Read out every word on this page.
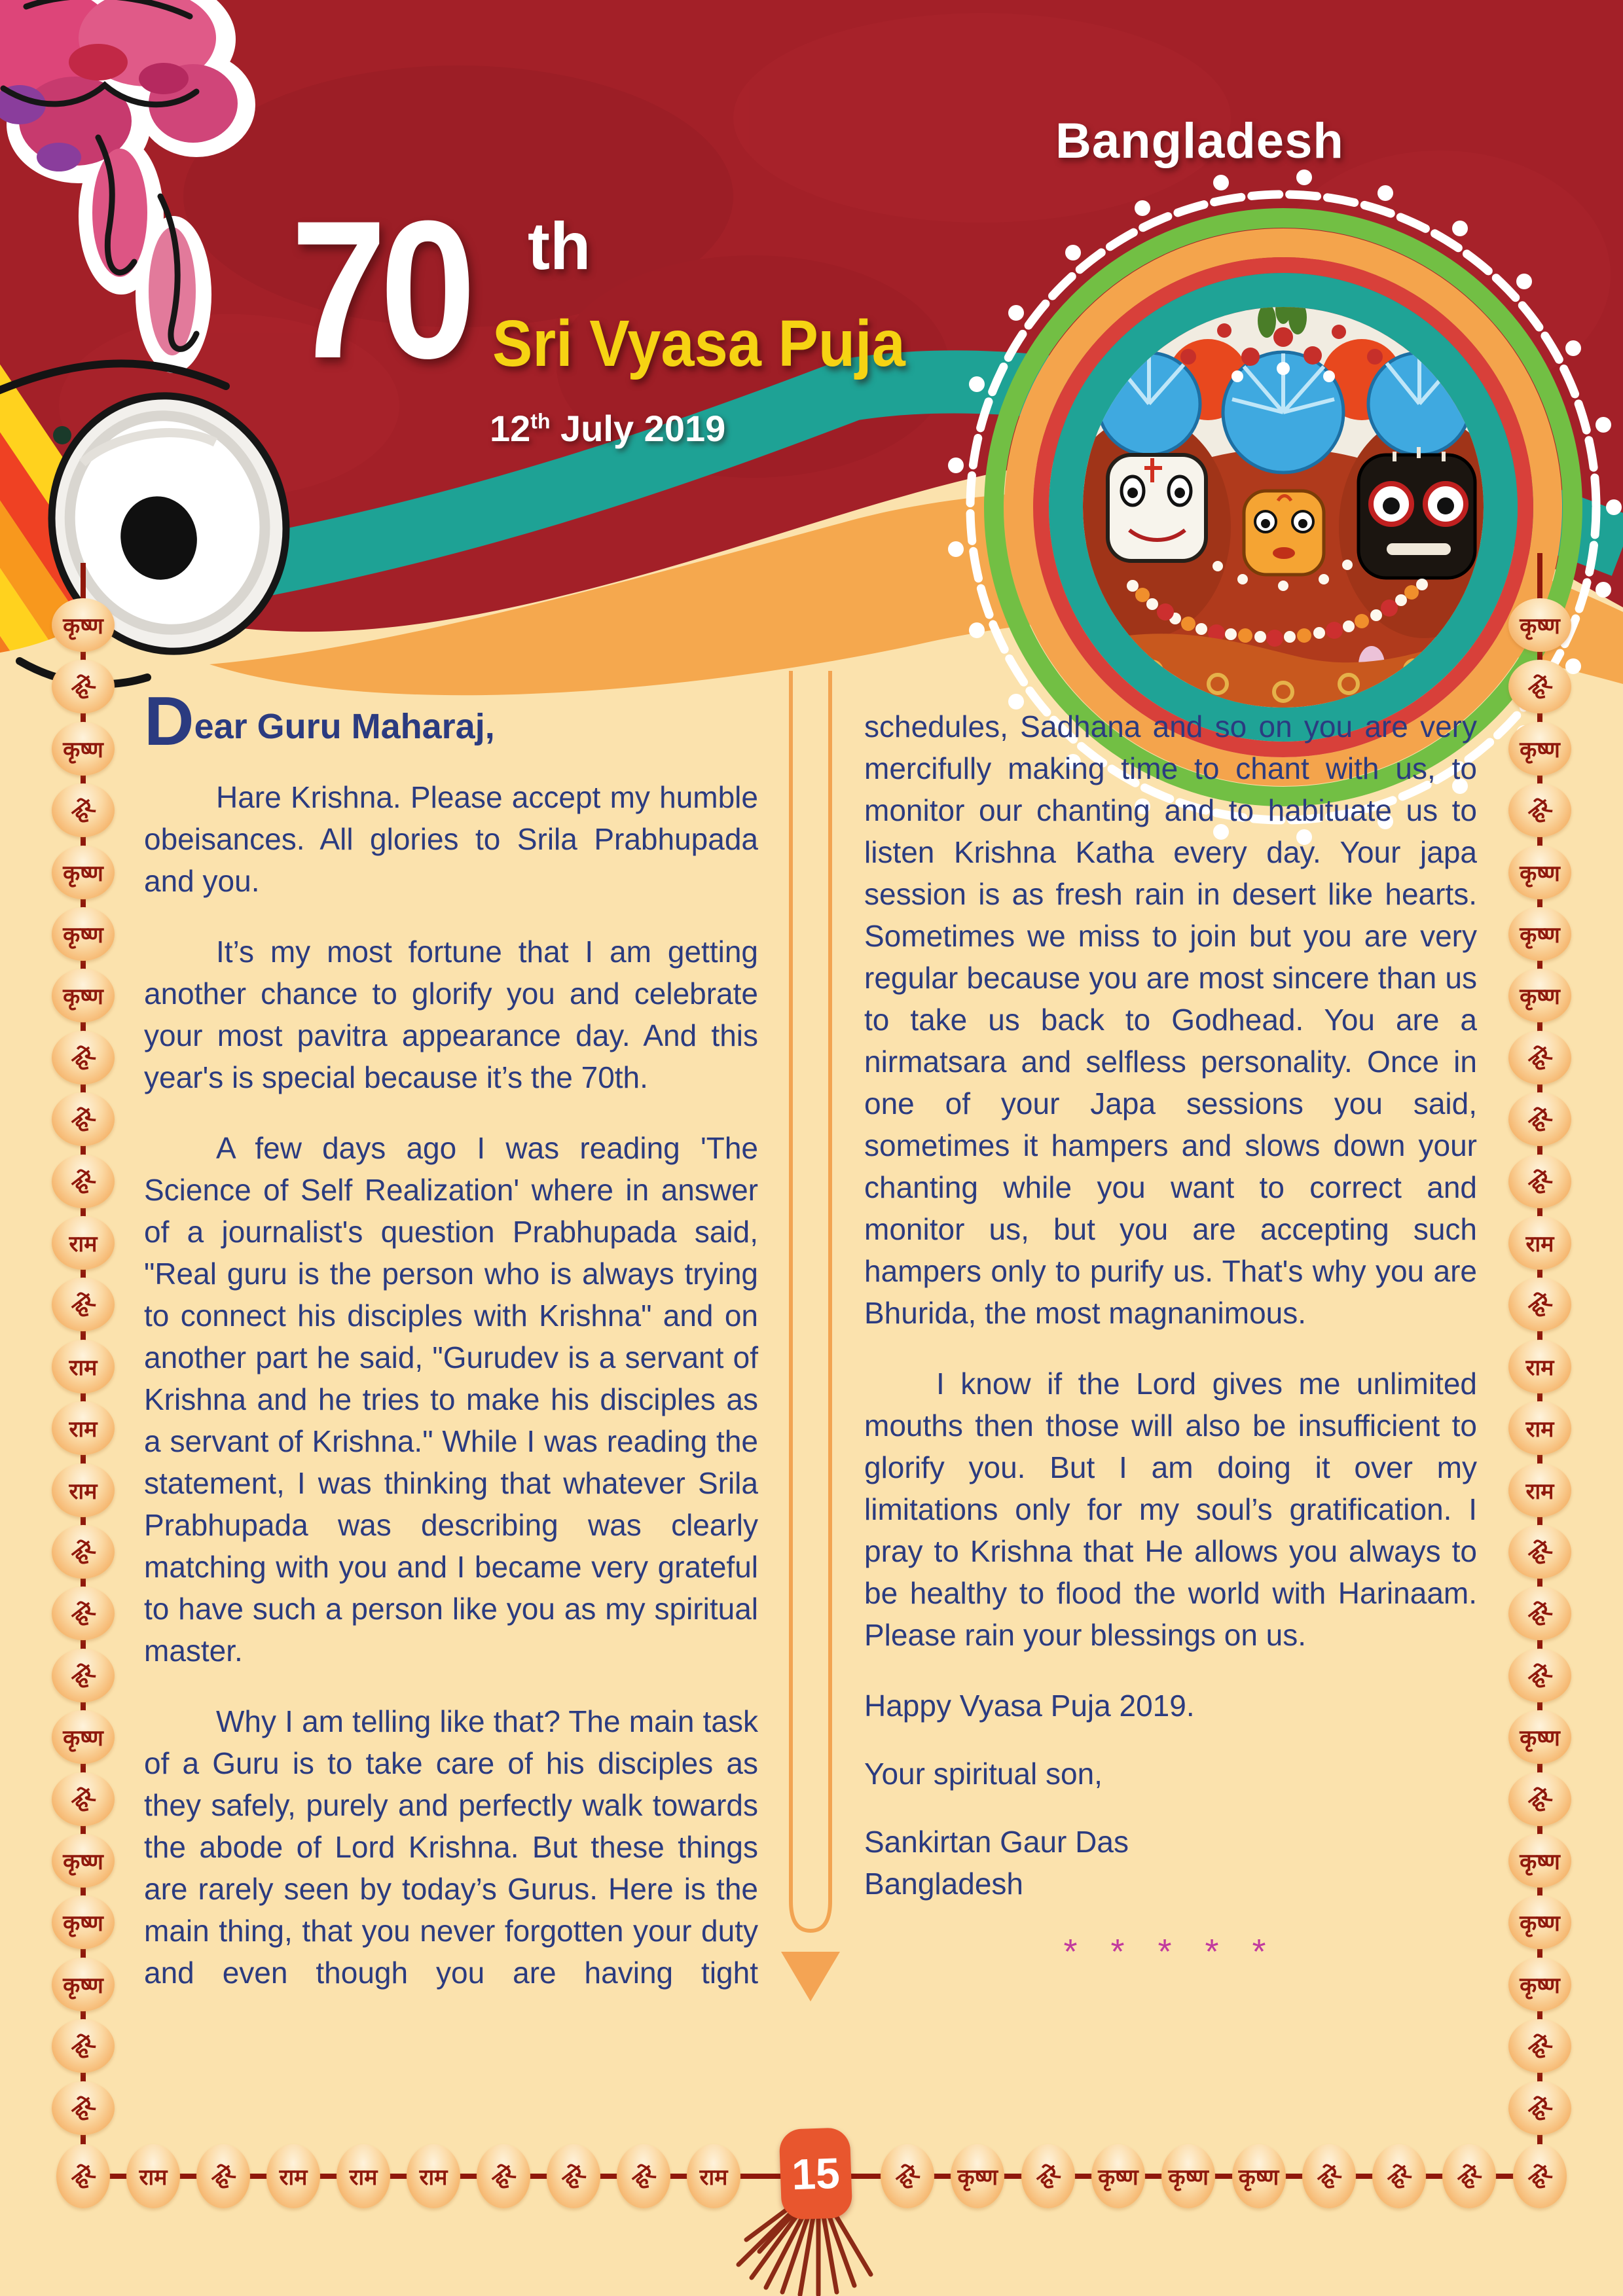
Bangladesh
70 th
Sri Vyasa Puja
12th July 2019

Dear Guru Maharaj,

Hare Krishna. Please accept my humble obeisances. All glories to Srila Prabhupada and you.

It’s my most fortune that I am getting another chance to glorify you and celebrate your most pavitra appearance day. And this year's is special because it’s the 70th.

A few days ago I was reading 'The Science of Self Realization' where in answer of a journalist's question Prabhupada said, "Real guru is the person who is always trying to connect his disciples with Krishna" and on another part he said, "Gurudev is a servant of Krishna and he tries to make his disciples as a servant of Krishna." While I was reading the statement, I was thinking that whatever Srila Prabhupada was describing was clearly matching with you and I became very grateful to have such a person like you as my spiritual master.

Why I am telling like that? The main task of a Guru is to take care of his disciples as they safely, purely and perfectly walk towards the abode of Lord Krishna. But these things are rarely seen by today’s Gurus. Here is the main thing, that you never forgotten your duty and even though you are having tight

schedules, Sadhana and so on you are very mercifully making time to chant with us, to monitor our chanting and to habituate us to listen Krishna Katha every day. Your japa session is as fresh rain in desert like hearts. Sometimes we miss to join but you are very regular because you are most sincere than us to take us back to Godhead. You are a nirmatsara and selfless personality. Once in one of your Japa sessions you said, sometimes it hampers and slows down your chanting while you want to correct and monitor us, but you are accepting such hampers only to purify us. That's why you are Bhurida, the most magnanimous.

I know if the Lord gives me unlimited mouths then those will also be insufficient to glorify you. But I am doing it over my limitations only for my soul’s gratification. I pray to Krishna that He allows you always to be healthy to flood the world with Harinaam. Please rain your blessings on us.

Happy Vyasa Puja 2019.

Your spiritual son,

Sankirtan Gaur Das
Bangladesh

* * * * *

कृष्ण
हरे
कृष्ण
हरे
कृष्ण
कृष्ण
कृष्ण
हरे
हरे
हरे
राम
हरे
राम
राम
राम
हरे
हरे
हरे
कृष्ण
हरे
कृष्ण
कृष्ण
कृष्ण
हरे
हरे
कृष्ण
हरे
कृष्ण
हरे
कृष्ण
कृष्ण
कृष्ण
हरे
हरे
हरे
राम
हरे
राम
राम
राम
हरे
हरे
हरे
कृष्ण
हरे
कृष्ण
कृष्ण
कृष्ण
हरे
हरे
हरे राम हरे राम राम राम हरे हरे हरे राम	हरे कृष्ण हरे कृष्ण कृष्ण कृष्ण हरे हरे हरे हरे
15
